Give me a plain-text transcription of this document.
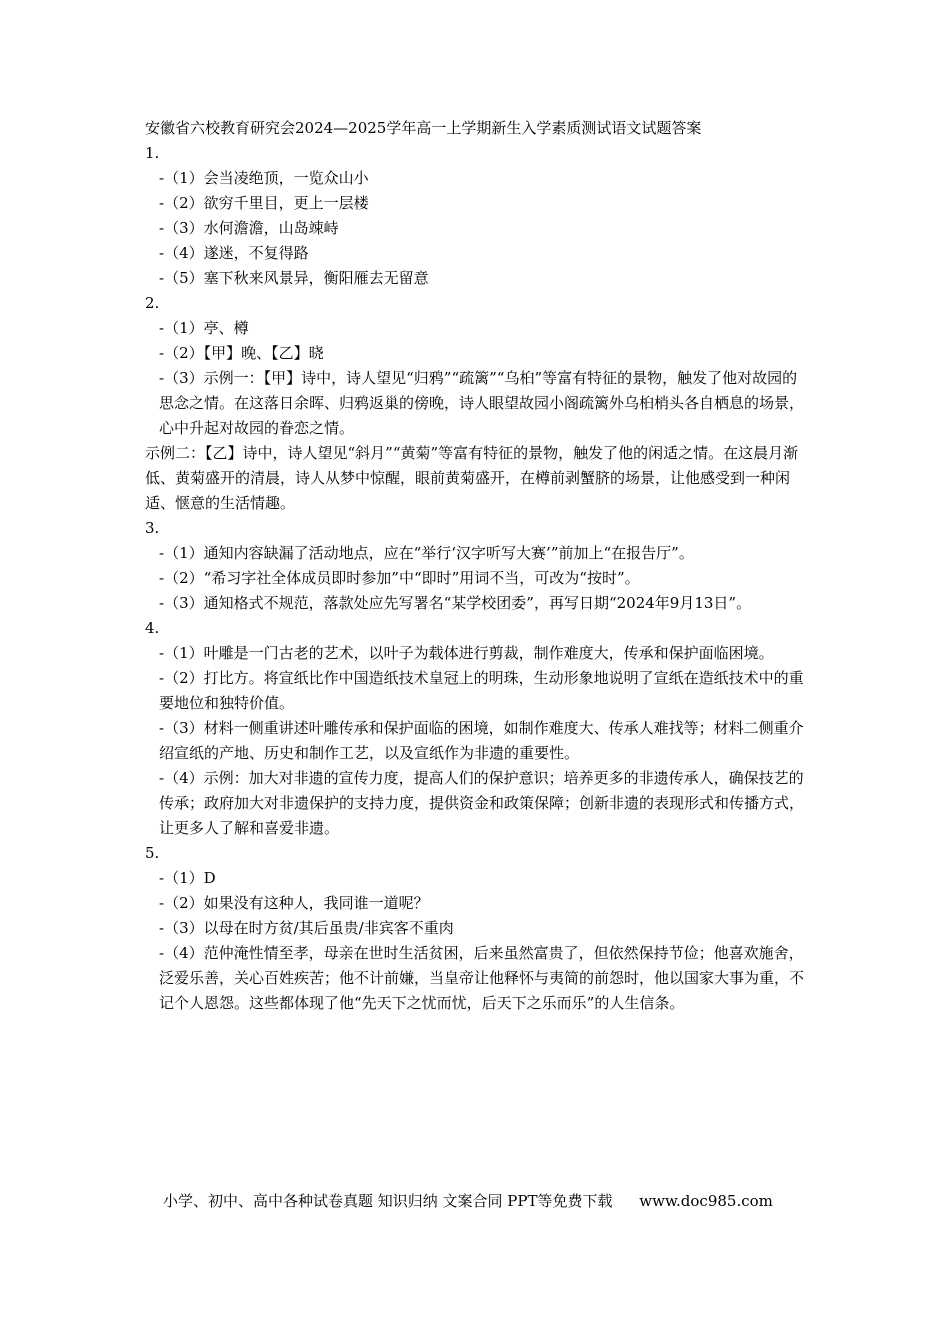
安徽省六校教育研究会2024—2025学年高一上学期新生入学素质测试语文试题答案

1.

-（1）会当凌绝顶，一览众山小

-（2）欲穷千里目，更上一层楼

-（3）水何澹澹，山岛竦峙

-（4）遂迷，不复得路

-（5）塞下秋来风景异，衡阳雁去无留意

2.

-（1）亭、樽

-（2）【甲】晚、【乙】晓

-（3）示例一：【甲】诗中，诗人望见“归鸦”“疏篱”“乌桕”等富有特征的景物，触发了他对故园的思念之情。在这落日余晖、归鸦返巢的傍晚，诗人眼望故园小阁疏篱外乌桕梢头各自栖息的场景，心中升起对故园的眷恋之情。

示例二：【乙】诗中，诗人望见“斜月”“黄菊”等富有特征的景物，触发了他的闲适之情。在这晨月渐低、黄菊盛开的清晨，诗人从梦中惊醒，眼前黄菊盛开，在樽前剥蟹脐的场景，让他感受到一种闲适、惬意的生活情趣。

3.

-（1）通知内容缺漏了活动地点，应在“举行‘汉字听写大赛’”前加上“在报告厅”。

-（2）“希习字社全体成员即时参加”中“即时”用词不当，可改为“按时”。

-（3）通知格式不规范，落款处应先写署名“某学校团委”，再写日期“2024年9月13日”。

4.

-（1）叶雕是一门古老的艺术，以叶子为载体进行剪裁，制作难度大，传承和保护面临困境。

-（2）打比方。将宣纸比作中国造纸技术皇冠上的明珠，生动形象地说明了宣纸在造纸技术中的重要地位和独特价值。

-（3）材料一侧重讲述叶雕传承和保护面临的困境，如制作难度大、传承人难找等；材料二侧重介绍宣纸的产地、历史和制作工艺，以及宣纸作为非遗的重要性。

-（4）示例：加大对非遗的宣传力度，提高人们的保护意识；培养更多的非遗传承人，确保技艺的传承；政府加大对非遗保护的支持力度，提供资金和政策保障；创新非遗的表现形式和传播方式，让更多人了解和喜爱非遗。

5.

-（1）D

-（2）如果没有这种人，我同谁一道呢？

-（3）以母在时方贫/其后虽贵/非宾客不重肉

-（4）范仲淹性情至孝，母亲在世时生活贫困，后来虽然富贵了，但依然保持节俭；他喜欢施舍，泛爱乐善，关心百姓疾苦；他不计前嫌，当皇帝让他释怀与夷简的前怨时，他以国家大事为重，不记个人恩怨。这些都体现了他“先天下之忧而忧，后天下之乐而乐”的人生信条。

小学、初中、高中各种试卷真题 知识归纳 文案合同 PPT等免费下载 www.doc985.com
